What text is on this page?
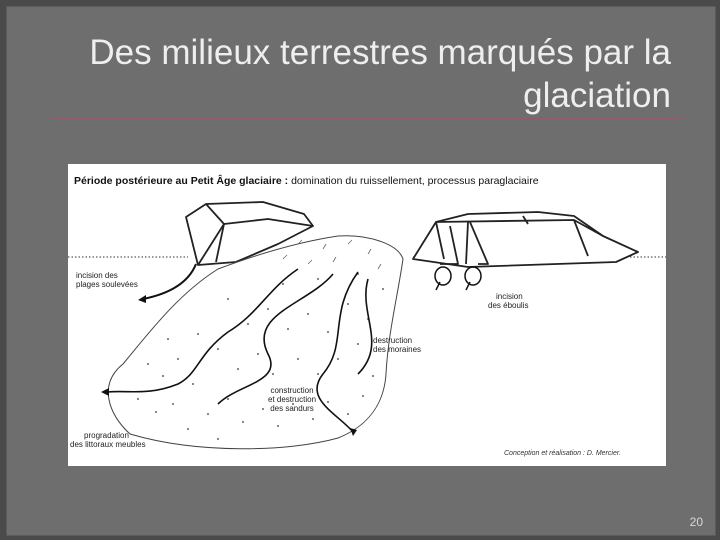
Des milieux terrestres marqués par la glaciation
Période postérieure au Petit Âge glaciaire : domination du ruissellement, processus paraglaciaire
incision des
plages soulevées
incision
des éboulis
destruction
des moraines
construction
et destruction
des sandurs
progradation
des littoraux meubles
Conception et réalisation : D. Mercier.
20
